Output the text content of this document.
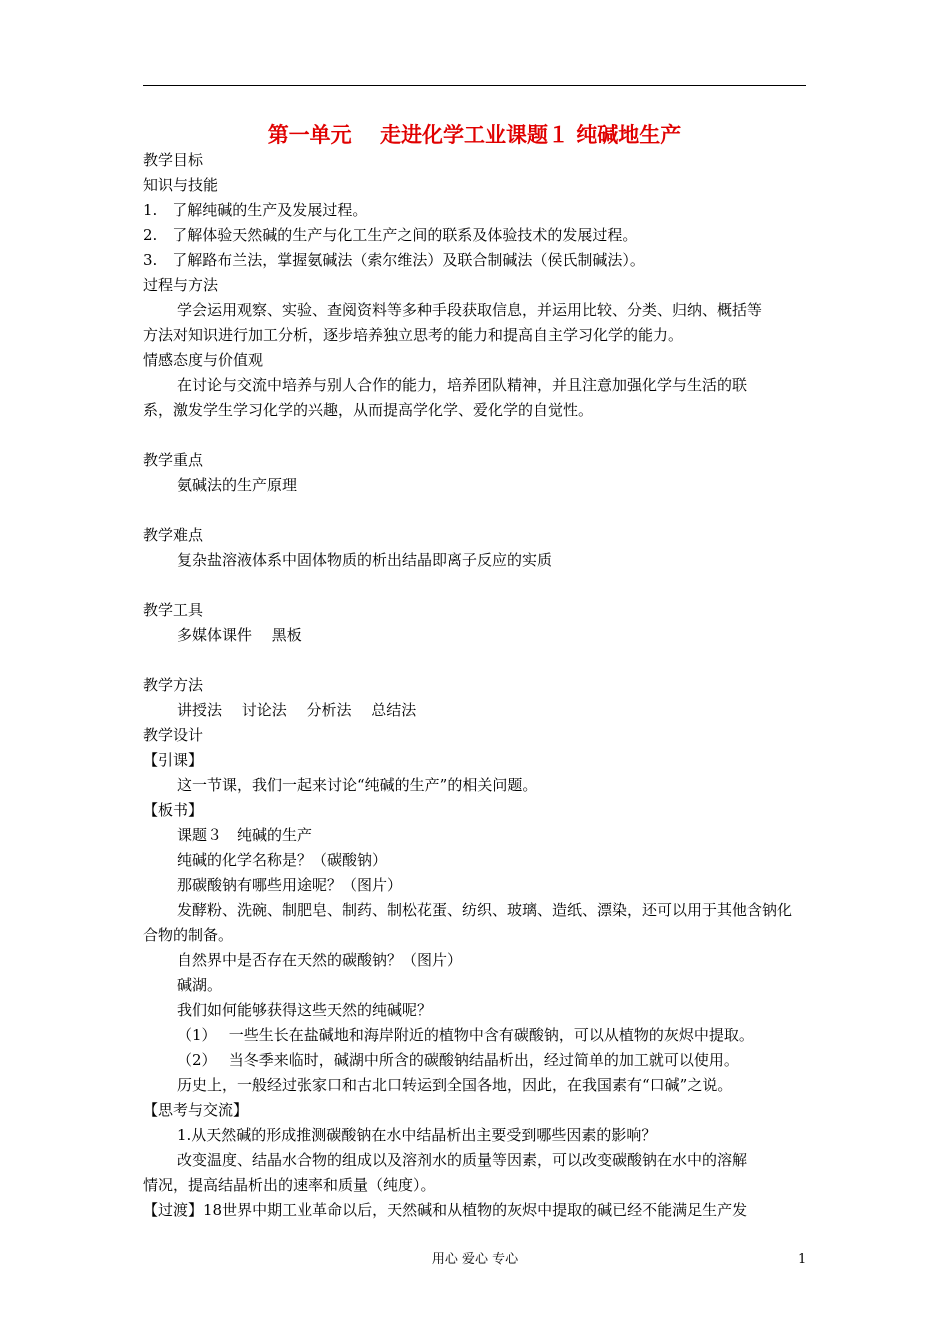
第一单元　 走进化学工业课题１ 纯碱地生产
教学目标
知识与技能
1.　了解纯碱的生产及发展过程。
2.　了解体验天然碱的生产与化工生产之间的联系及体验技术的发展过程。
3.　了解路布兰法，掌握氨碱法（索尔维法）及联合制碱法（侯氏制碱法）。
过程与方法
学会运用观察、实验、查阅资料等多种手段获取信息，并运用比较、分类、归纳、概括等
方法对知识进行加工分析，逐步培养独立思考的能力和提高自主学习化学的能力。
情感态度与价值观
在讨论与交流中培养与别人合作的能力，培养团队精神，并且注意加强化学与生活的联
系，激发学生学习化学的兴趣，从而提高学化学、爱化学的自觉性。
教学重点
氨碱法的生产原理
教学难点
复杂盐溶液体系中固体物质的析出结晶即离子反应的实质
教学工具
多媒体课件　 黑板
教学方法
讲授法　 讨论法　 分析法　 总结法
教学设计
【引课】
这一节课，我们一起来讨论“纯碱的生产”的相关问题。
【板书】
课题３　纯碱的生产
纯碱的化学名称是？（碳酸钠）
那碳酸钠有哪些用途呢？（图片）
发酵粉、洗碗、制肥皂、制药、制松花蛋、纺织、玻璃、造纸、漂染，还可以用于其他含钠化
合物的制备。
自然界中是否存在天然的碳酸钠？（图片）
碱湖。
我们如何能够获得这些天然的纯碱呢？
（1）　 一些生长在盐碱地和海岸附近的植物中含有碳酸钠，可以从植物的灰烬中提取。
（2）　 当冬季来临时，碱湖中所含的碳酸钠结晶析出，经过简单的加工就可以使用。
历史上，一般经过张家口和古北口转运到全国各地，因此，在我国素有“口碱”之说。
【思考与交流】
1.从天然碱的形成推测碳酸钠在水中结晶析出主要受到哪些因素的影响？
改变温度、结晶水合物的组成以及溶剂水的质量等因素，可以改变碳酸钠在水中的溶解
情况，提高结晶析出的速率和质量（纯度）。
【过渡】18世界中期工业革命以后，天然碱和从植物的灰烬中提取的碱已经不能满足生产发
用心 爱心 专心	1
